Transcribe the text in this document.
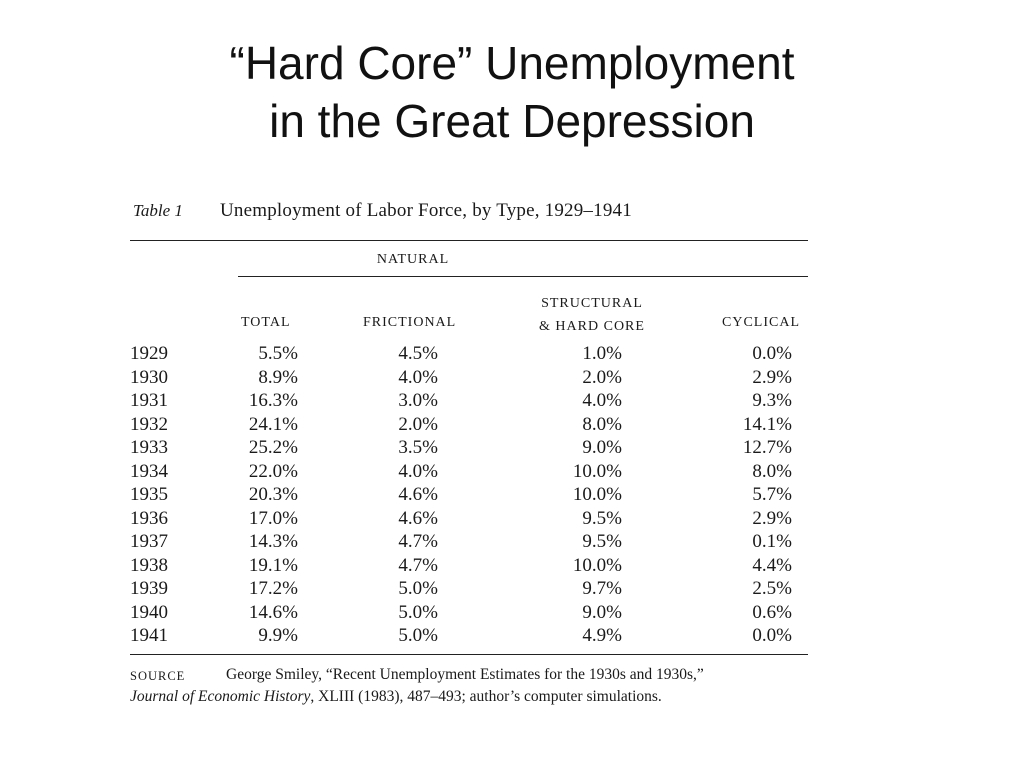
“Hard Core” Unemployment
in the Great Depression
Table 1 Unemployment of Labor Force, by Type, 1929–1941
NATURAL
TOTAL	FRICTIONAL
STRUCTURAL
& HARD CORE	CYCLICAL
1929	5.5%	4.5%	1.0%	0.0%
1930	8.9%	4.0%	2.0%	2.9%
1931	16.3%	3.0%	4.0%	9.3%
1932	24.1%	2.0%	8.0%	14.1%
1933	25.2%	3.5%	9.0%	12.7%
1934	22.0%	4.0%	10.0%	8.0%
1935	20.3%	4.6%	10.0%	5.7%
1936	17.0%	4.6%	9.5%	2.9%
1937	14.3%	4.7%	9.5%	0.1%
1938	19.1%	4.7%	10.0%	4.4%
1939	17.2%	5.0%	9.7%	2.5%
1940	14.6%	5.0%	9.0%	0.6%
1941	9.9%	5.0%	4.9%	0.0%
SOURCE	George Smiley, “Recent Unemployment Estimates for the 1930s and 1930s,”
Journal of Economic History, XLIII (1983), 487–493; author’s computer simulations.
